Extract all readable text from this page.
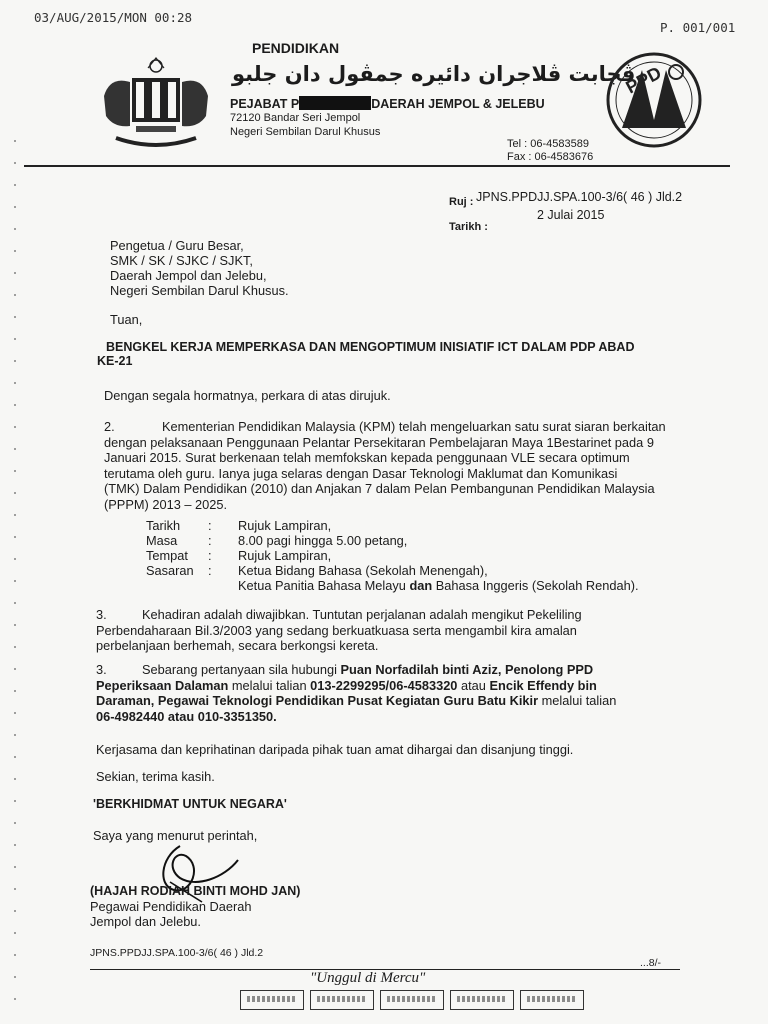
03/AUG/2015/MON 00:28
P. 001/001
PENDIDIKAN
ڤجابت ڤلاجران دائيره جمڤول دان جلبو
PEJABAT P	DAERAH JEMPOL & JELEBU
72120 Bandar Seri Jempol
Negeri Sembilan Darul Khusus
Tel : 06-4583589
Fax : 06-4583676
PPD
JPNS.PPDJJ.SPA.100-3/6( 46 ) Jld.2
Ruj :
2 Julai 2015
Tarikh :
Pengetua / Guru Besar,
SMK / SK / SJKC / SJKT,
Daerah Jempol dan Jelebu,
Negeri Sembilan Darul Khusus.
Tuan,
BENGKEL KERJA MEMPERKASA DAN MENGOPTIMUM INISIATIF ICT DALAM PDP ABAD
KE-21
Dengan segala hormatnya, perkara di atas dirujuk.
2.	Kementerian Pendidikan Malaysia (KPM) telah mengeluarkan satu surat siaran berkaitan
dengan pelaksanaan Penggunaan Pelantar Persekitaran Pembelajaran Maya 1Bestarinet pada 9
Januari 2015. Surat berkenaan telah memfokskan kepada penggunaan VLE secara optimum
terutama oleh guru. Ianya juga selaras dengan Dasar Teknologi Maklumat dan Komunikasi
(TMK) Dalam Pendidikan (2010) dan Anjakan 7 dalam Pelan Pembangunan Pendidikan Malaysia
(PPPM) 2013 – 2025.
Tarikh	:	Rujuk Lampiran,
Masa	:	8.00 pagi hingga 5.00 petang,
Tempat	:	Rujuk Lampiran,
Sasaran	:	Ketua Bidang Bahasa (Sekolah Menengah),
Ketua Panitia Bahasa Melayu dan Bahasa Inggeris (Sekolah Rendah).
3.	Kehadiran adalah diwajibkan. Tuntutan perjalanan adalah mengikut Pekeliling
Perbendaharaan Bil.3/2003 yang sedang berkuatkuasa serta mengambil kira amalan
perbelanjaan berhemah, secara berkongsi kereta.
3.	Sebarang pertanyaan sila hubungi Puan Norfadilah binti Aziz, Penolong PPD
Peperiksaan Dalaman melalui talian 013-2299295/06-4583320 atau Encik Effendy bin
Daraman, Pegawai Teknologi Pendidikan Pusat Kegiatan Guru Batu Kikir melalui talian
06-4982440 atau 010-3351350.
Kerjasama dan keprihatinan daripada pihak tuan amat dihargai dan disanjung tinggi.
Sekian, terima kasih.
'BERKHIDMAT UNTUK NEGARA'
Saya yang menurut perintah,
(HAJAH RODIAH BINTI MOHD JAN)
Pegawai Pendidikan Daerah
Jempol dan Jelebu.
JPNS.PPDJJ.SPA.100-3/6( 46 ) Jld.2
...8/-
"Unggul di Mercu"
